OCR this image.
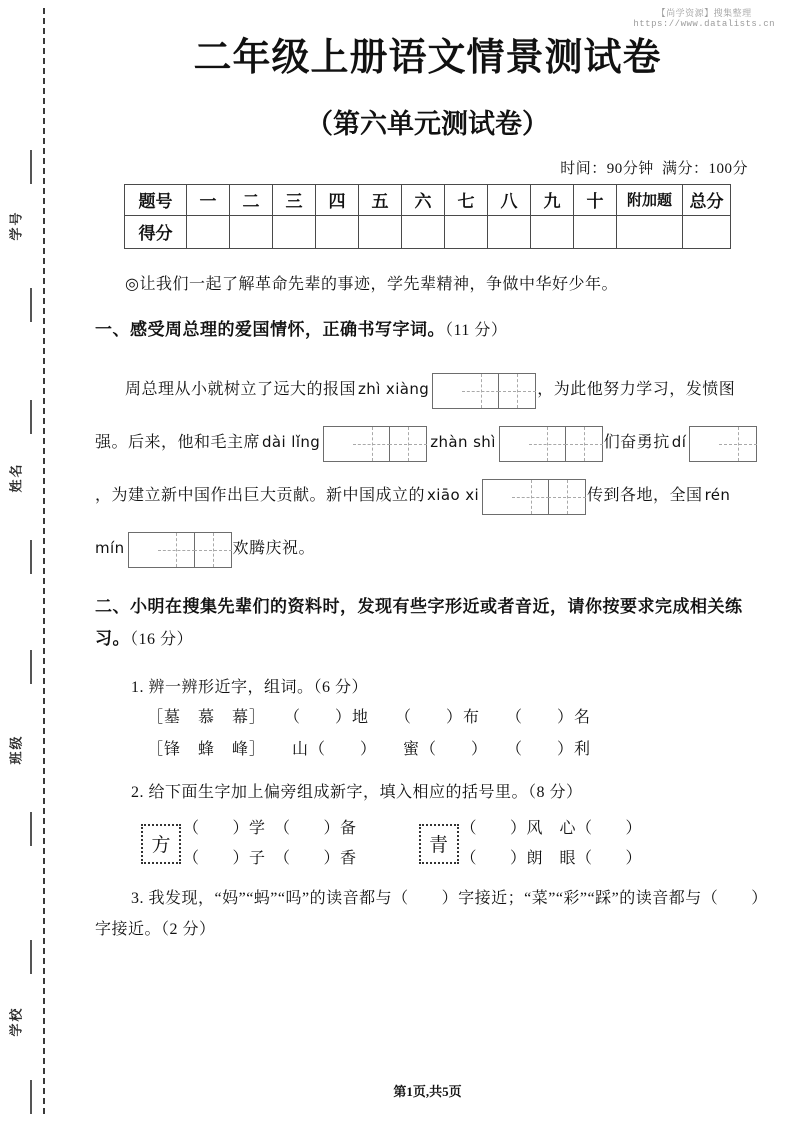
学号
姓名
班级
学校
【尚学资源】搜集整理
https://www.datalists.cn
二年级上册语文情景测试卷
（第六单元测试卷）
时间：90分钟 满分：100分
题号	一	二	三	四	五	六	七	八	九	十	附加题	总分
得分												

◎让我们一起了解革命先辈的事迹，学先辈精神，争做中华好少年。

一、感受周总理的爱国情怀，正确书写字词。（11 分）

周总理从小就树立了远大的报国 zhì xiàng	，为此他努力学习，发愤图强。后来，他和毛主席 dài lǐng	zhàn shì	们奋勇抗 dí，为建立新中国作出巨大贡献。新中国成立的 xiāo xi	传到各地，全国 rén mín	欢腾庆祝。

二、小明在搜集先辈们的资料时，发现有些字形近或者音近，请你按要求完成相关练习。（16 分）

1. 辨一辨形近字，组词。（6 分）
［墓　慕　幕］　　（　　）地　　（　　）布　　（　　）名
［锋　蜂　峰］　　山（　　）　　蜜（　　）　　（　　）利
2. 给下面生字加上偏旁组成新字，填入相应的括号里。（8 分）
方
（　　）学　（　　）备
（　　）子　（　　）香
青
（　　）风　心（　　）
（　　）朗　眼（　　）
3. 我发现，“妈”“蚂”“吗”的读音都与（　　）字接近；“菜”“彩”“踩”的读音都与（　　）字接近。（2 分）
第1页,共5页
